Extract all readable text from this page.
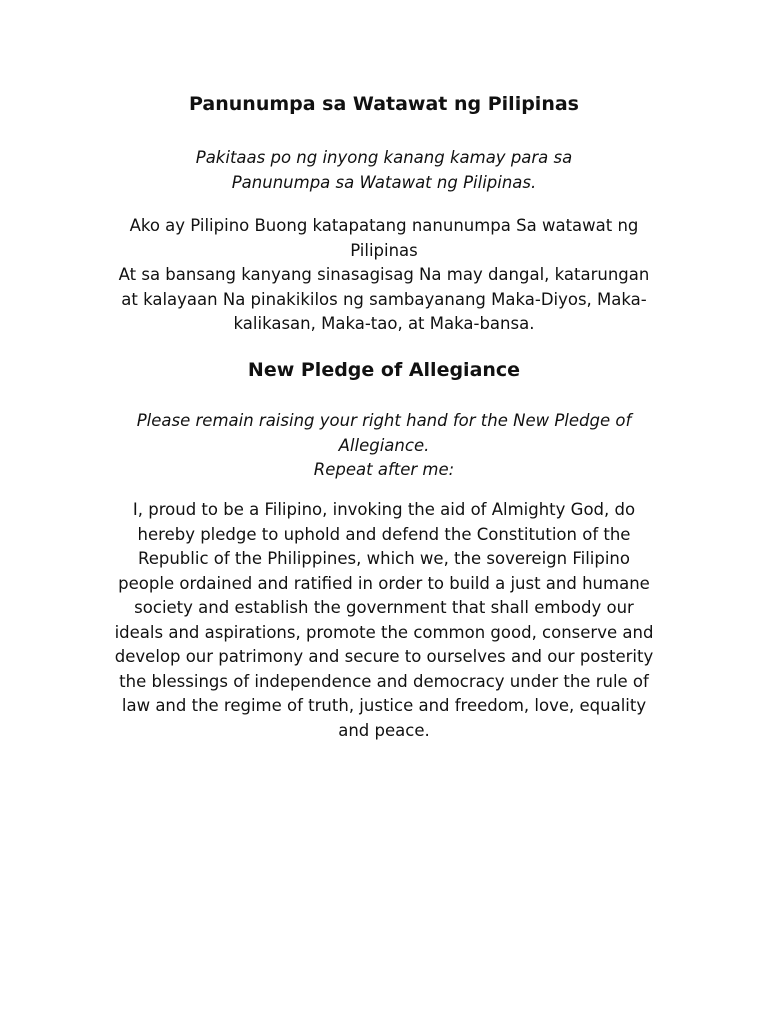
Panunumpa sa Watawat ng Pilipinas

Pakitaas po ng inyong kanang kamay para sa
Panunumpa sa Watawat ng Pilipinas.

Ako ay Pilipino Buong katapatang nanunumpa Sa watawat ng
Pilipinas
At sa bansang kanyang sinasagisag Na may dangal, katarungan
at kalayaan Na pinakikilos ng sambayanang Maka-Diyos, Maka-
kalikasan, Maka-tao, at Maka-bansa.

New Pledge of Allegiance

Please remain raising your right hand for the New Pledge of
Allegiance.
Repeat after me:

I, proud to be a Filipino, invoking the aid of Almighty God, do
hereby pledge to uphold and defend the Constitution of the
Republic of the Philippines, which we, the sovereign Filipino
people ordained and ratified in order to build a just and humane
society and establish the government that shall embody our
ideals and aspirations, promote the common good, conserve and
develop our patrimony and secure to ourselves and our posterity
the blessings of independence and democracy under the rule of
law and the regime of truth, justice and freedom, love, equality
and peace.
